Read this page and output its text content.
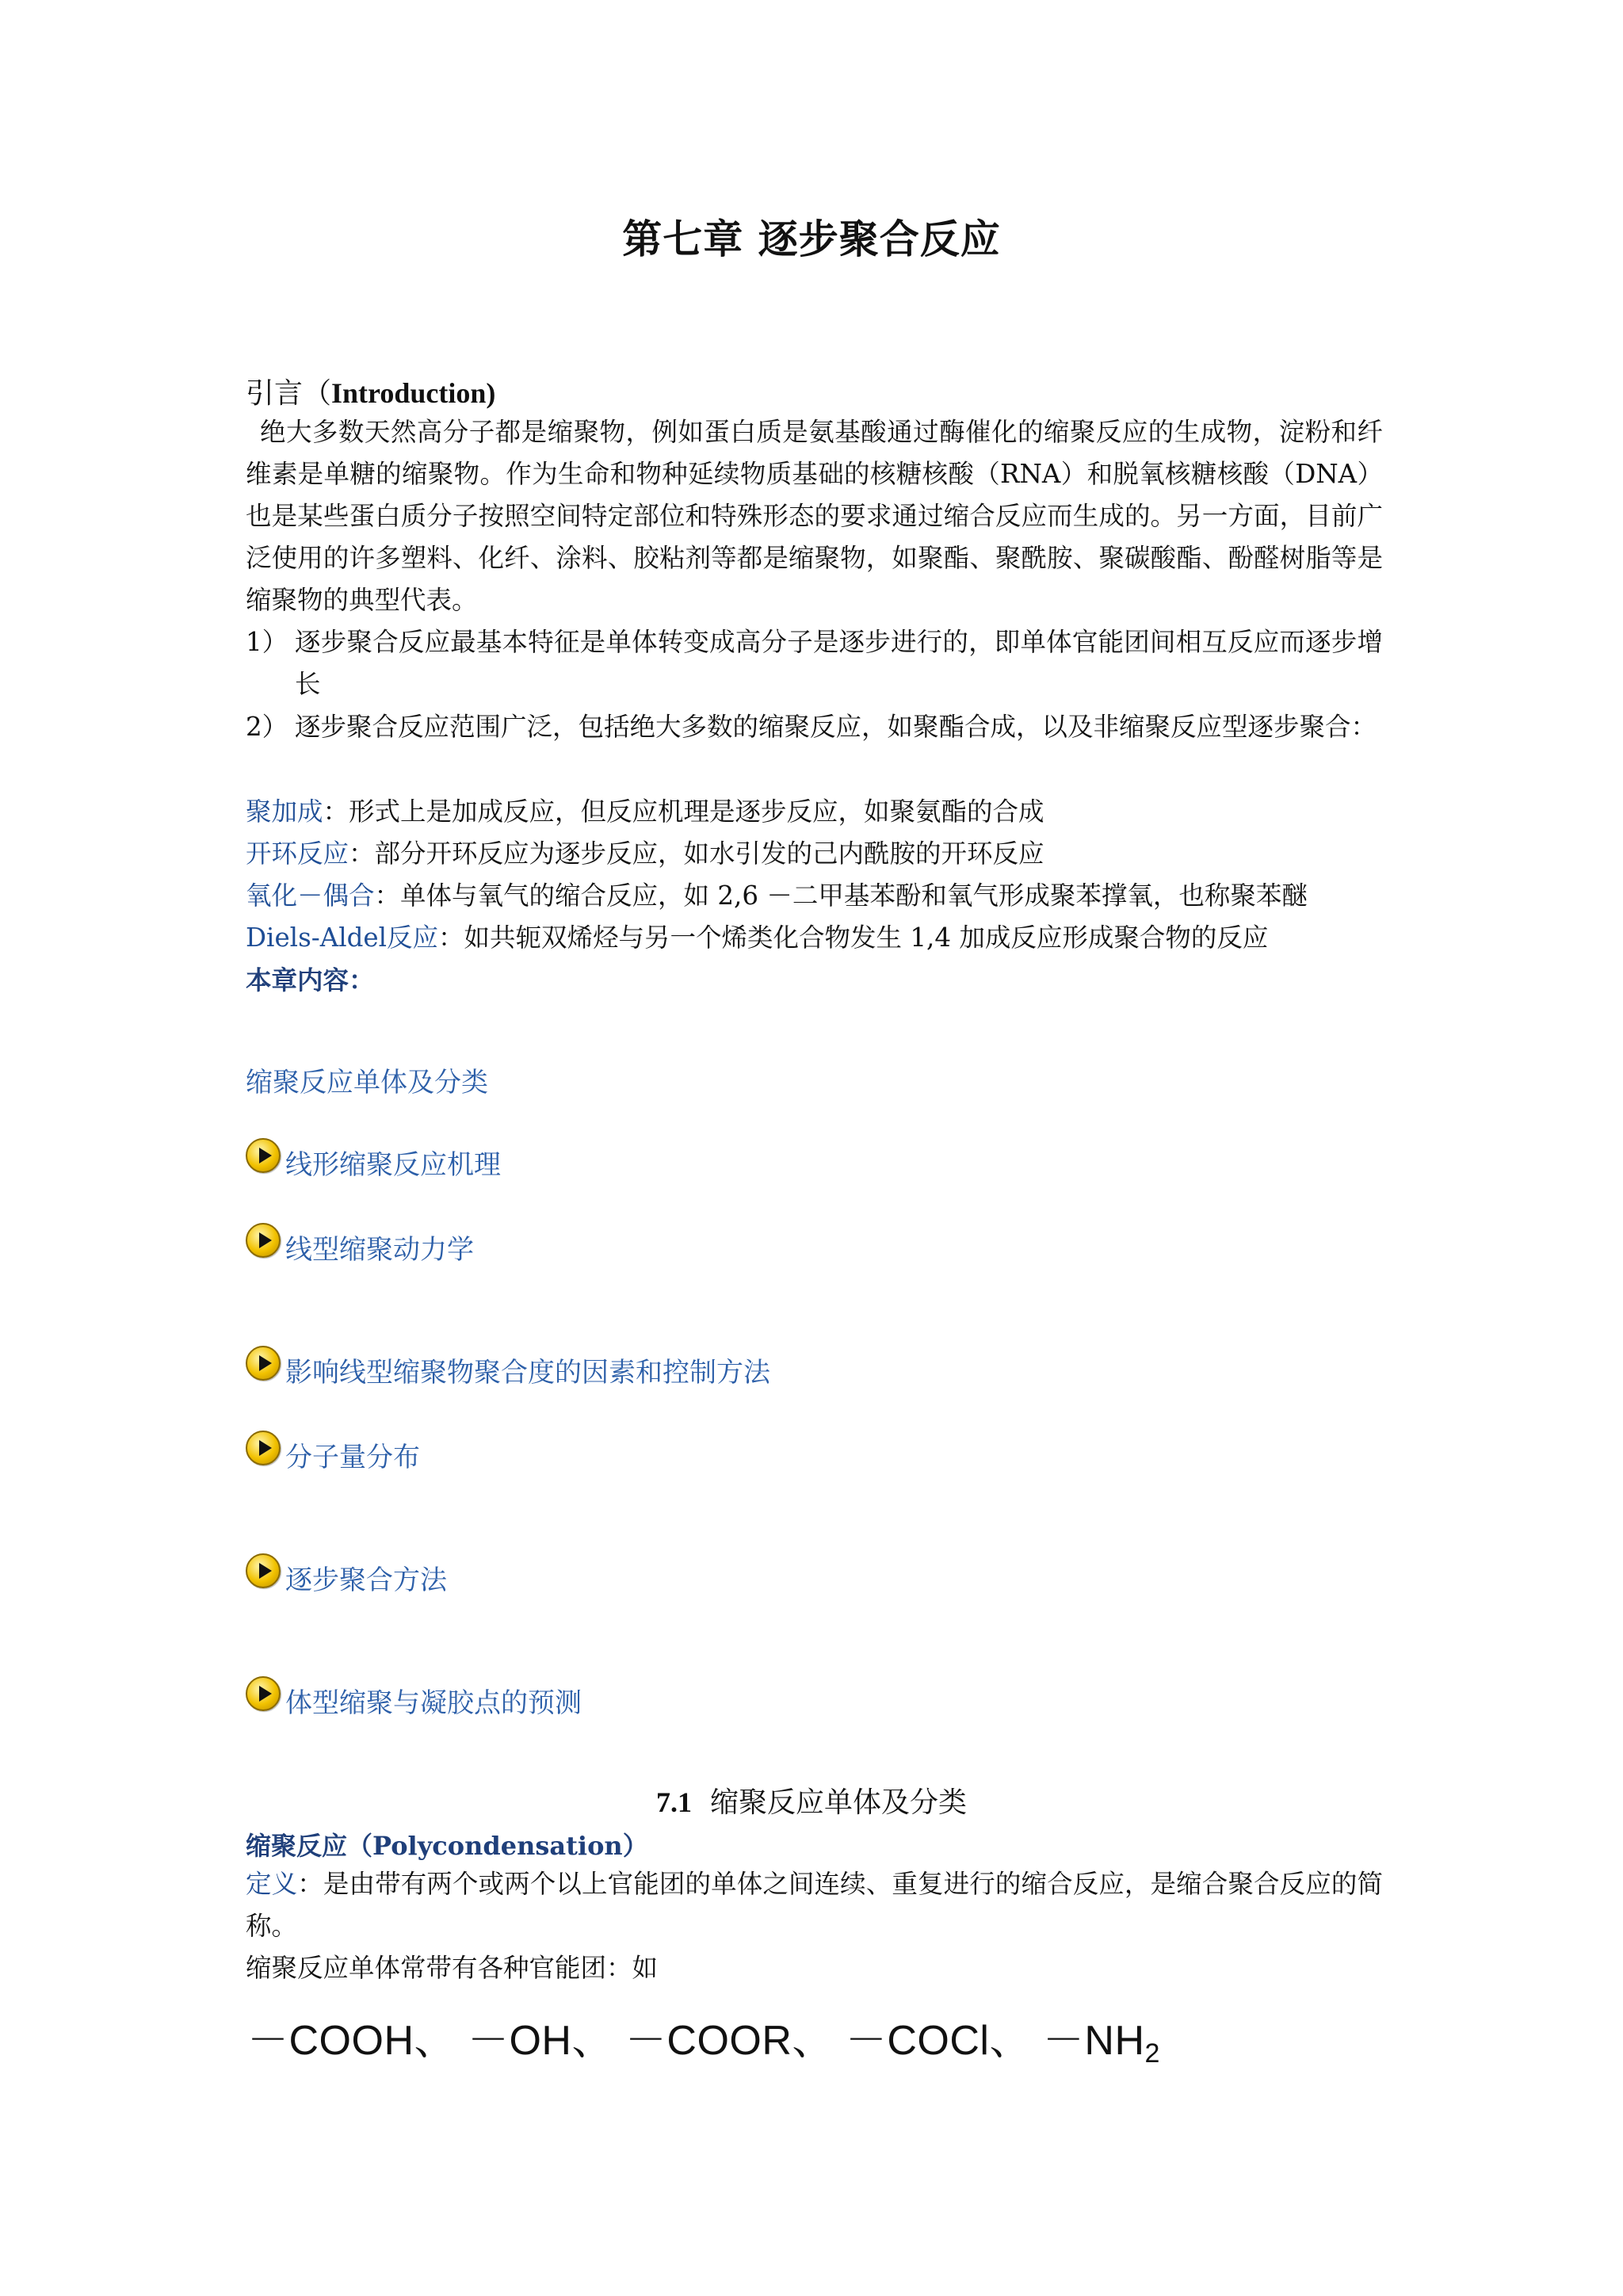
第七章 逐步聚合反应
引言（Introduction)
绝大多数天然高分子都是缩聚物，例如蛋白质是氨基酸通过酶催化的缩聚反应的生成物，淀粉和纤维素是单糖的缩聚物。作为生命和物种延续物质基础的核糖核酸（RNA）和脱氧核糖核酸（DNA）也是某些蛋白质分子按照空间特定部位和特殊形态的要求通过缩合反应而生成的。另一方面，目前广泛使用的许多塑料、化纤、涂料、胶粘剂等都是缩聚物，如聚酯、聚酰胺、聚碳酸酯、酚醛树脂等是缩聚物的典型代表。
1） 逐步聚合反应最基本特征是单体转变成高分子是逐步进行的，即单体官能团间相互反应而逐步增长
2） 逐步聚合反应范围广泛，包括绝大多数的缩聚反应，如聚酯合成，以及非缩聚反应型逐步聚合：
聚加成：形式上是加成反应，但反应机理是逐步反应，如聚氨酯的合成
开环反应：部分开环反应为逐步反应，如水引发的己内酰胺的开环反应
氧化－偶合：单体与氧气的缩合反应，如 2,6 －二甲基苯酚和氧气形成聚苯撑氧，也称聚苯醚
Diels-Aldel反应：如共轭双烯烃与另一个烯类化合物发生 1,4 加成反应形成聚合物的反应
本章内容：
缩聚反应单体及分类
线形缩聚反应机理
线型缩聚动力学
影响线型缩聚物聚合度的因素和控制方法
分子量分布
逐步聚合方法
体型缩聚与凝胶点的预测
缩聚反应（Polycondensation）
定义：是由带有两个或两个以上官能团的单体之间连续、重复进行的缩合反应，是缩合聚合反应的简称。
缩聚反应单体常带有各种官能团：如
7.1 缩聚反应单体及分类
－COOH、 －OH、 －COOR、 －COCl、 $-NH_2$
